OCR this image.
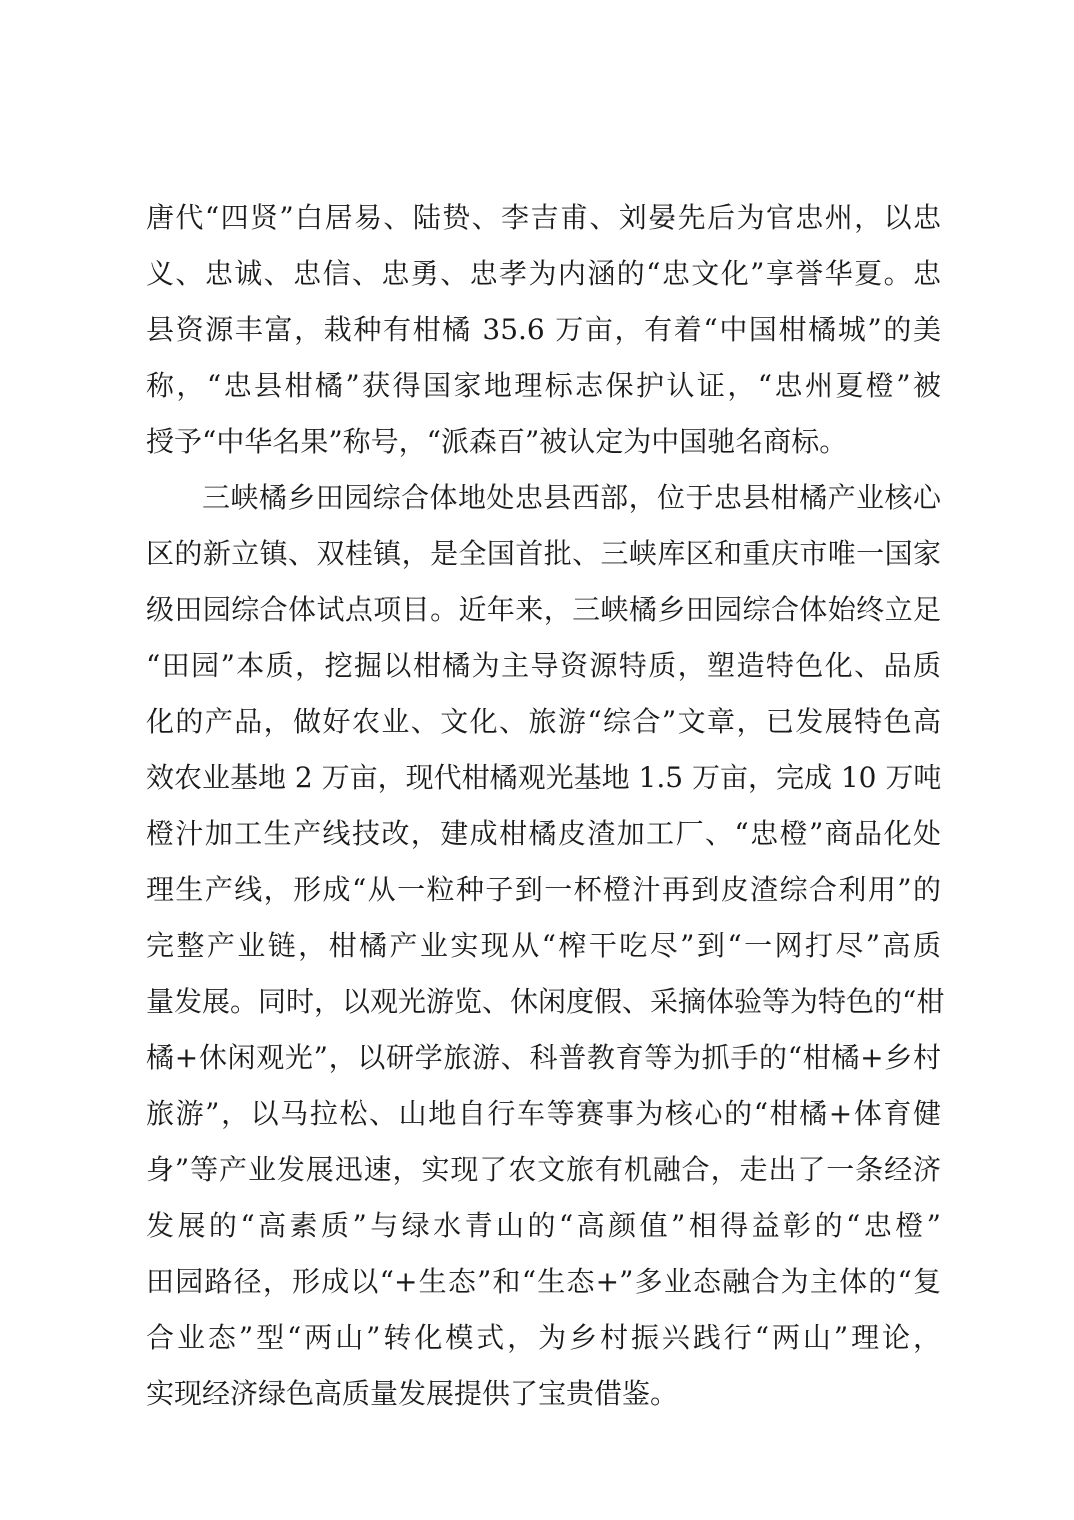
唐代“四贤”白居易、陆贽、李吉甫、刘晏先后为官忠州，以忠
义、忠诚、忠信、忠勇、忠孝为内涵的“忠文化”享誉华夏。忠
县资源丰富，栽种有柑橘 35.6 万亩，有着“中国柑橘城”的美
称，“忠县柑橘”获得国家地理标志保护认证，“忠州夏橙”被
授予“中华名果”称号，“派森百”被认定为中国驰名商标。
三峡橘乡田园综合体地处忠县西部，位于忠县柑橘产业核心
区的新立镇、双桂镇，是全国首批、三峡库区和重庆市唯一国家
级田园综合体试点项目。近年来，三峡橘乡田园综合体始终立足
“田园”本质，挖掘以柑橘为主导资源特质，塑造特色化、品质
化的产品，做好农业、文化、旅游“综合”文章，已发展特色高
效农业基地 2 万亩，现代柑橘观光基地 1.5 万亩，完成 10 万吨
橙汁加工生产线技改，建成柑橘皮渣加工厂、“忠橙”商品化处
理生产线，形成“从一粒种子到一杯橙汁再到皮渣综合利用”的
完整产业链，柑橘产业实现从“榨干吃尽”到“一网打尽”高质
量发展。同时，以观光游览、休闲度假、采摘体验等为特色的“柑
橘+休闲观光”，以研学旅游、科普教育等为抓手的“柑橘+乡村
旅游”，以马拉松、山地自行车等赛事为核心的“柑橘+体育健
身”等产业发展迅速，实现了农文旅有机融合，走出了一条经济
发展的“高素质”与绿水青山的“高颜值”相得益彰的“忠橙”
田园路径，形成以“+生态”和“生态+”多业态融合为主体的“复
合业态”型“两山”转化模式，为乡村振兴践行“两山”理论，
实现经济绿色高质量发展提供了宝贵借鉴。
